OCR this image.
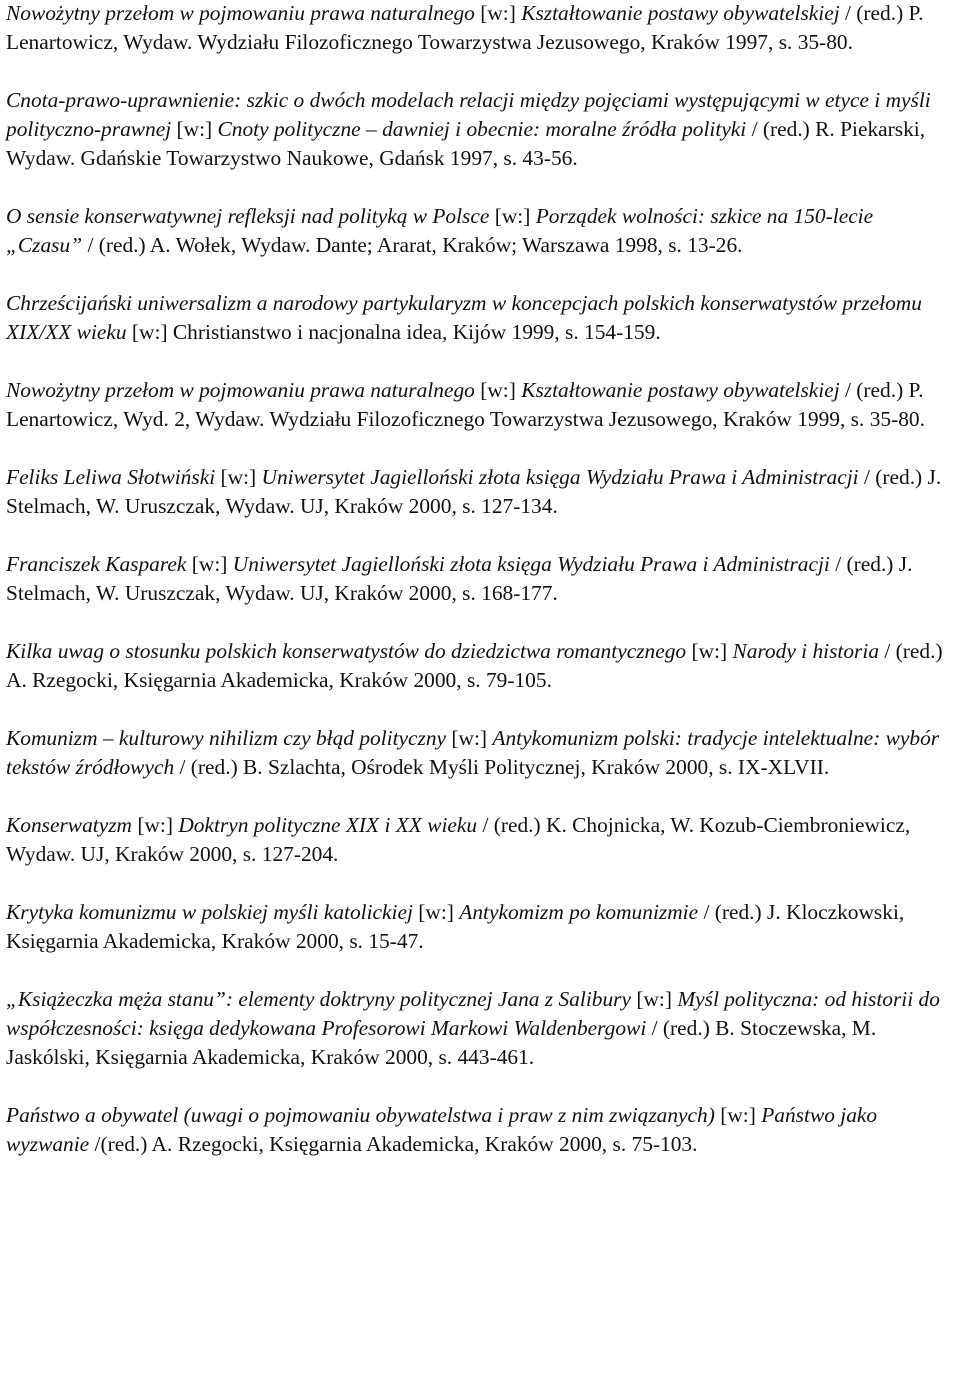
Nowożytny przełom w pojmowaniu prawa naturalnego [w:] Kształtowanie postawy obywatelskiej / (red.) P. Lenartowicz, Wydaw. Wydziału Filozoficznego Towarzystwa Jezusowego, Kraków 1997, s. 35-80.

Cnota-prawo-uprawnienie: szkic o dwóch modelach relacji między pojęciami występującymi w etyce i myśli polityczno-prawnej [w:] Cnoty polityczne – dawniej i obecnie: moralne źródła polityki / (red.) R. Piekarski, Wydaw. Gdańskie Towarzystwo Naukowe, Gdańsk 1997, s. 43-56.

O sensie konserwatywnej refleksji nad polityką w Polsce [w:] Porządek wolności: szkice na 150-lecie „Czasu” / (red.) A. Wołek, Wydaw. Dante; Ararat, Kraków; Warszawa 1998, s. 13-26.

Chrześcijański uniwersalizm a narodowy partykularyzm w koncepcjach polskich konserwatystów przełomu XIX/XX wieku [w:] Christianstwo i nacjonalna idea, Kijów 1999, s. 154-159.

Nowożytny przełom w pojmowaniu prawa naturalnego [w:] Kształtowanie postawy obywatelskiej / (red.) P. Lenartowicz, Wyd. 2, Wydaw. Wydziału Filozoficznego Towarzystwa Jezusowego, Kraków 1999, s. 35-80.

Feliks Leliwa Słotwiński [w:] Uniwersytet Jagielloński złota księga Wydziału Prawa i Administracji / (red.) J. Stelmach, W. Uruszczak, Wydaw. UJ, Kraków 2000, s. 127-134.

Franciszek Kasparek [w:] Uniwersytet Jagielloński złota księga Wydziału Prawa i Administracji / (red.) J. Stelmach, W. Uruszczak, Wydaw. UJ, Kraków 2000, s. 168-177.

Kilka uwag o stosunku polskich konserwatystów do dziedzictwa romantycznego [w:] Narody i historia / (red.) A. Rzegocki, Księgarnia Akademicka, Kraków 2000, s. 79-105.

Komunizm – kulturowy nihilizm czy błąd polityczny [w:] Antykomunizm polski: tradycje intelektualne: wybór tekstów źródłowych / (red.) B. Szlachta, Ośrodek Myśli Politycznej, Kraków 2000, s. IX-XLVII.

Konserwatyzm [w:] Doktryn polityczne XIX i XX wieku / (red.) K. Chojnicka, W. Kozub-Ciembroniewicz, Wydaw. UJ, Kraków 2000, s. 127-204.

Krytyka komunizmu w polskiej myśli katolickiej [w:] Antykomizm po komunizmie / (red.) J. Kloczkowski, Księgarnia Akademicka, Kraków 2000, s. 15-47.

„Książeczka męża stanu”: elementy doktryny politycznej Jana z Salibury [w:] Myśl polityczna: od historii do współczesności: księga dedykowana Profesorowi Markowi Waldenbergowi / (red.) B. Stoczewska, M. Jaskólski, Księgarnia Akademicka, Kraków 2000, s. 443-461.

Państwo a obywatel (uwagi o pojmowaniu obywatelstwa i praw z nim związanych) [w:] Państwo jako wyzwanie /(red.) A. Rzegocki, Księgarnia Akademicka, Kraków 2000, s. 75-103.
